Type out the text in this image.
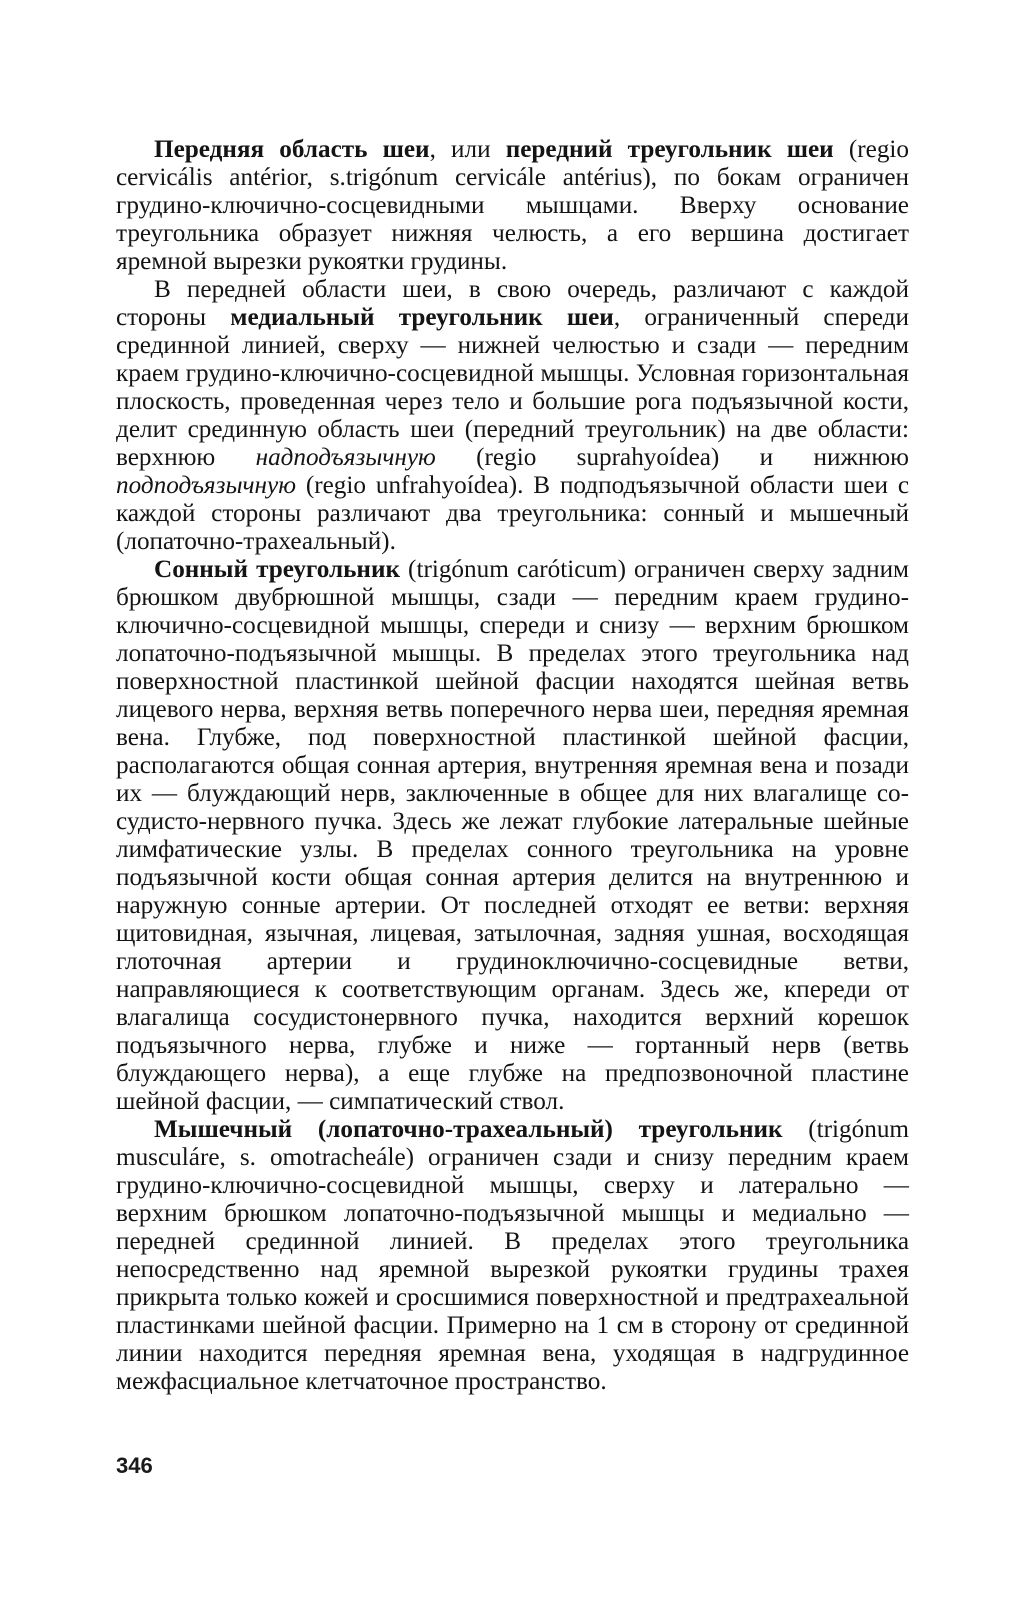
Передняя область шеи, или передний треугольник шеи (regio cervicális antérior, s.trigónum cervicále antérius), по бокам ограничен грудино-ключично-сосцевидными мышцами. Вверху основание треугольника образует нижняя челюсть, а его вершина достигает яремной вырезки рукоятки грудины.

В передней области шеи, в свою очередь, различают с каждой стороны медиальный треугольник шеи, ограниченный спереди срединной линией, сверху — нижней челюстью и сзади — передним краем грудино-ключично-сосцевидной мышцы. Условная горизонтальная плоскость, проведенная через тело и большие рога подъязычной кости, делит срединную область шеи (передний треугольник) на две области: верхнюю надподъязычную (regio suprahyoídea) и нижнюю подподъязычную (regio unfrahyoídea). В подподъязычной области шеи с каждой стороны различают два треугольника: сонный и мышечный (лопаточно-трахеальный).

Сонный треугольник (trigónum caróticum) ограничен сверху задним брюшком двубрюшной мышцы, сзади — передним краем грудино-ключично-сосцевидной мышцы, спереди и снизу — верхним брюшком лопаточно-подъязычной мышцы. В пределах этого треугольника над поверхностной пластинкой шейной фасции находятся шейная ветвь лицевого нерва, верхняя ветвь поперечного нерва шеи, передняя яремная вена. Глубже, под поверхностной пластинкой шейной фасции, располагаются общая сонная артерия, внутренняя яремная вена и позади их — блуждающий нерв, заключенные в общее для них влагалище сосудисто-нервного пучка. Здесь же лежат глубокие латеральные шейные лимфатические узлы. В пределах сонного треугольника на уровне подъязычной кости общая сонная артерия делится на внутреннюю и наружную сонные артерии. От последней отходят ее ветви: верхняя щитовидная, язычная, лицевая, затылочная, задняя ушная, восходящая глоточная артерии и грудиноключично-сосцевидные ветви, направляющиеся к соответствующим органам. Здесь же, кпереди от влагалища сосудистонервного пучка, находится верхний корешок подъязычного нерва, глубже и ниже — гортанный нерв (ветвь блуждающего нерва), а еще глубже на предпозвоночной пластине шейной фасции, — симпатический ствол.

Мышечный (лопаточно-трахеальный) треугольник (trigónum musculáre, s. omotracheále) ограничен сзади и снизу передним краем грудино-ключично-сосцевидной мышцы, сверху и латерально — верхним брюшком лопаточно-подъязычной мышцы и медиально — передней срединной линией. В пределах этого треугольника непосредственно над яремной вырезкой рукоятки грудины трахея прикрыта только кожей и сросшимися поверхностной и предтрахеальной пластинками шейной фасции. Примерно на 1 см в сторону от срединной линии находится передняя яремная вена, уходящая в надгрудинное межфасциальное клетчаточное пространство.

346
